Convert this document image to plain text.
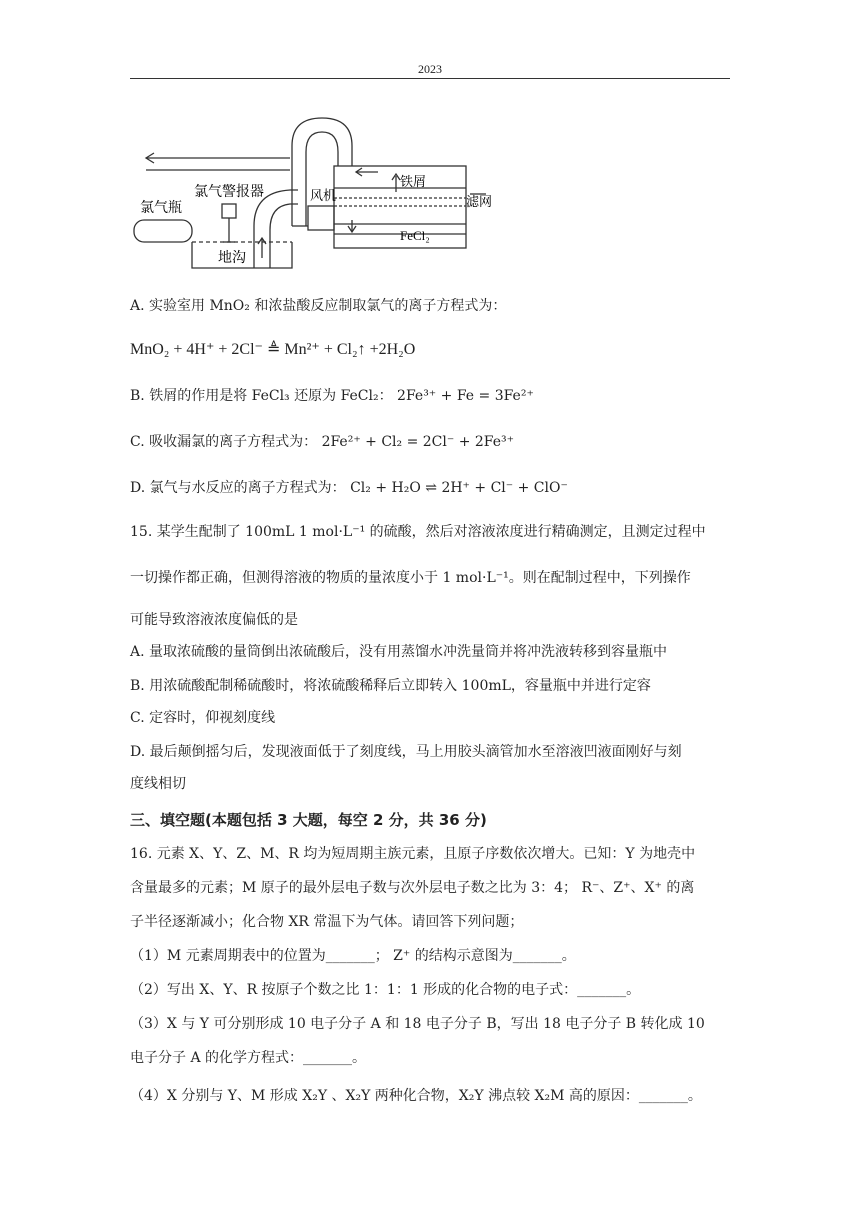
2023
氯气瓶
氯气警报器	风机
铁屑
滤网
FeCl₂
地沟
A. 实验室用 MnO₂ 和浓盐酸反应制取氯气的离子方程式为：
MnO₂ + 4H⁺ + 2Cl⁻ ≜ Mn²⁺ + Cl₂↑ +2H₂O
B. 铁屑的作用是将 FeCl₃ 还原为 FeCl₂： 2Fe³⁺ + Fe = 3Fe²⁺
C. 吸收漏氯的离子方程式为： 2Fe²⁺ + Cl₂ = 2Cl⁻ + 2Fe³⁺
D. 氯气与水反应的离子方程式为： Cl₂ + H₂O ⇌ 2H⁺ + Cl⁻ + ClO⁻
15. 某学生配制了 100mL 1 mol·L⁻¹ 的硫酸，然后对溶液浓度进行精确测定，且测定过程中
一切操作都正确，但测得溶液的物质的量浓度小于 1 mol·L⁻¹。则在配制过程中，下列操作
可能导致溶液浓度偏低的是
A. 量取浓硫酸的量筒倒出浓硫酸后，没有用蒸馏水冲洗量筒并将冲洗液转移到容量瓶中
B. 用浓硫酸配制稀硫酸时，将浓硫酸稀释后立即转入 100mL，容量瓶中并进行定容
C. 定容时，仰视刻度线
D. 最后颠倒摇匀后，发现液面低于了刻度线，马上用胶头滴管加水至溶液凹液面刚好与刻
度线相切
三、填空题(本题包括 3 大题，每空 2 分，共 36 分)
16. 元素 X、Y、Z、M、R 均为短周期主族元素，且原子序数依次增大。已知：Y 为地壳中
含量最多的元素；M 原子的最外层电子数与次外层电子数之比为 3：4； R⁻、Z⁺、X⁺ 的离
子半径逐渐减小；化合物 XR 常温下为气体。请回答下列问题；
（1）M 元素周期表中的位置为_______； Z⁺ 的结构示意图为_______。
（2）写出 X、Y、R 按原子个数之比 1：1：1 形成的化合物的电子式：_______。
（3）X 与 Y 可分别形成 10 电子分子 A 和 18 电子分子 B，写出 18 电子分子 B 转化成 10
电子分子 A 的化学方程式：_______。
（4）X 分别与 Y、M 形成 X₂Y 、X₂Y 两种化合物，X₂Y 沸点较 X₂M 高的原因：_______。
